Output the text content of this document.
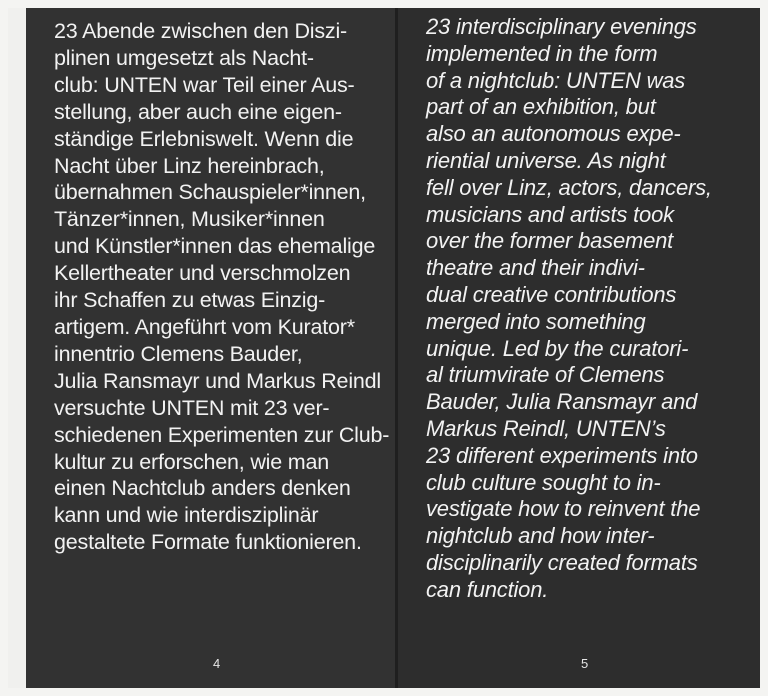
23 Abende zwischen den Diszi-
plinen umgesetzt als Nacht-
club: UNTEN war Teil einer Aus-
stellung, aber auch eine eigen-
ständige Erlebniswelt. Wenn die
Nacht über Linz hereinbrach,
übernahmen Schauspieler*innen,
Tänzer*innen, Musiker*innen
und Künstler*innen das ehemalige
Kellertheater und verschmolzen
ihr Schaffen zu etwas Einzig-
artigem. Angeführt vom Kurator*
innentrio Clemens Bauder,
Julia Ransmayr und Markus Reindl
versuchte UNTEN mit 23 ver-
schiedenen Experimenten zur Club-
kultur zu erforschen, wie man
einen Nachtclub anders denken
kann und wie interdisziplinär
gestaltete Formate funktionieren.

4

23 interdisciplinary evenings
implemented in the form
of a nightclub: UNTEN was
part of an exhibition, but
also an autonomous expe-
riential universe. As night
fell over Linz, actors, dancers,
musicians and artists took
over the former basement
theatre and their indivi-
dual creative contributions
merged into something
unique. Led by the curatori-
al triumvirate of Clemens
Bauder, Julia Ransmayr and
Markus Reindl, UNTEN’s
23 different experiments into
club culture sought to in-
vestigate how to reinvent the
nightclub and how inter-
disciplinarily created formats
can function.

5
